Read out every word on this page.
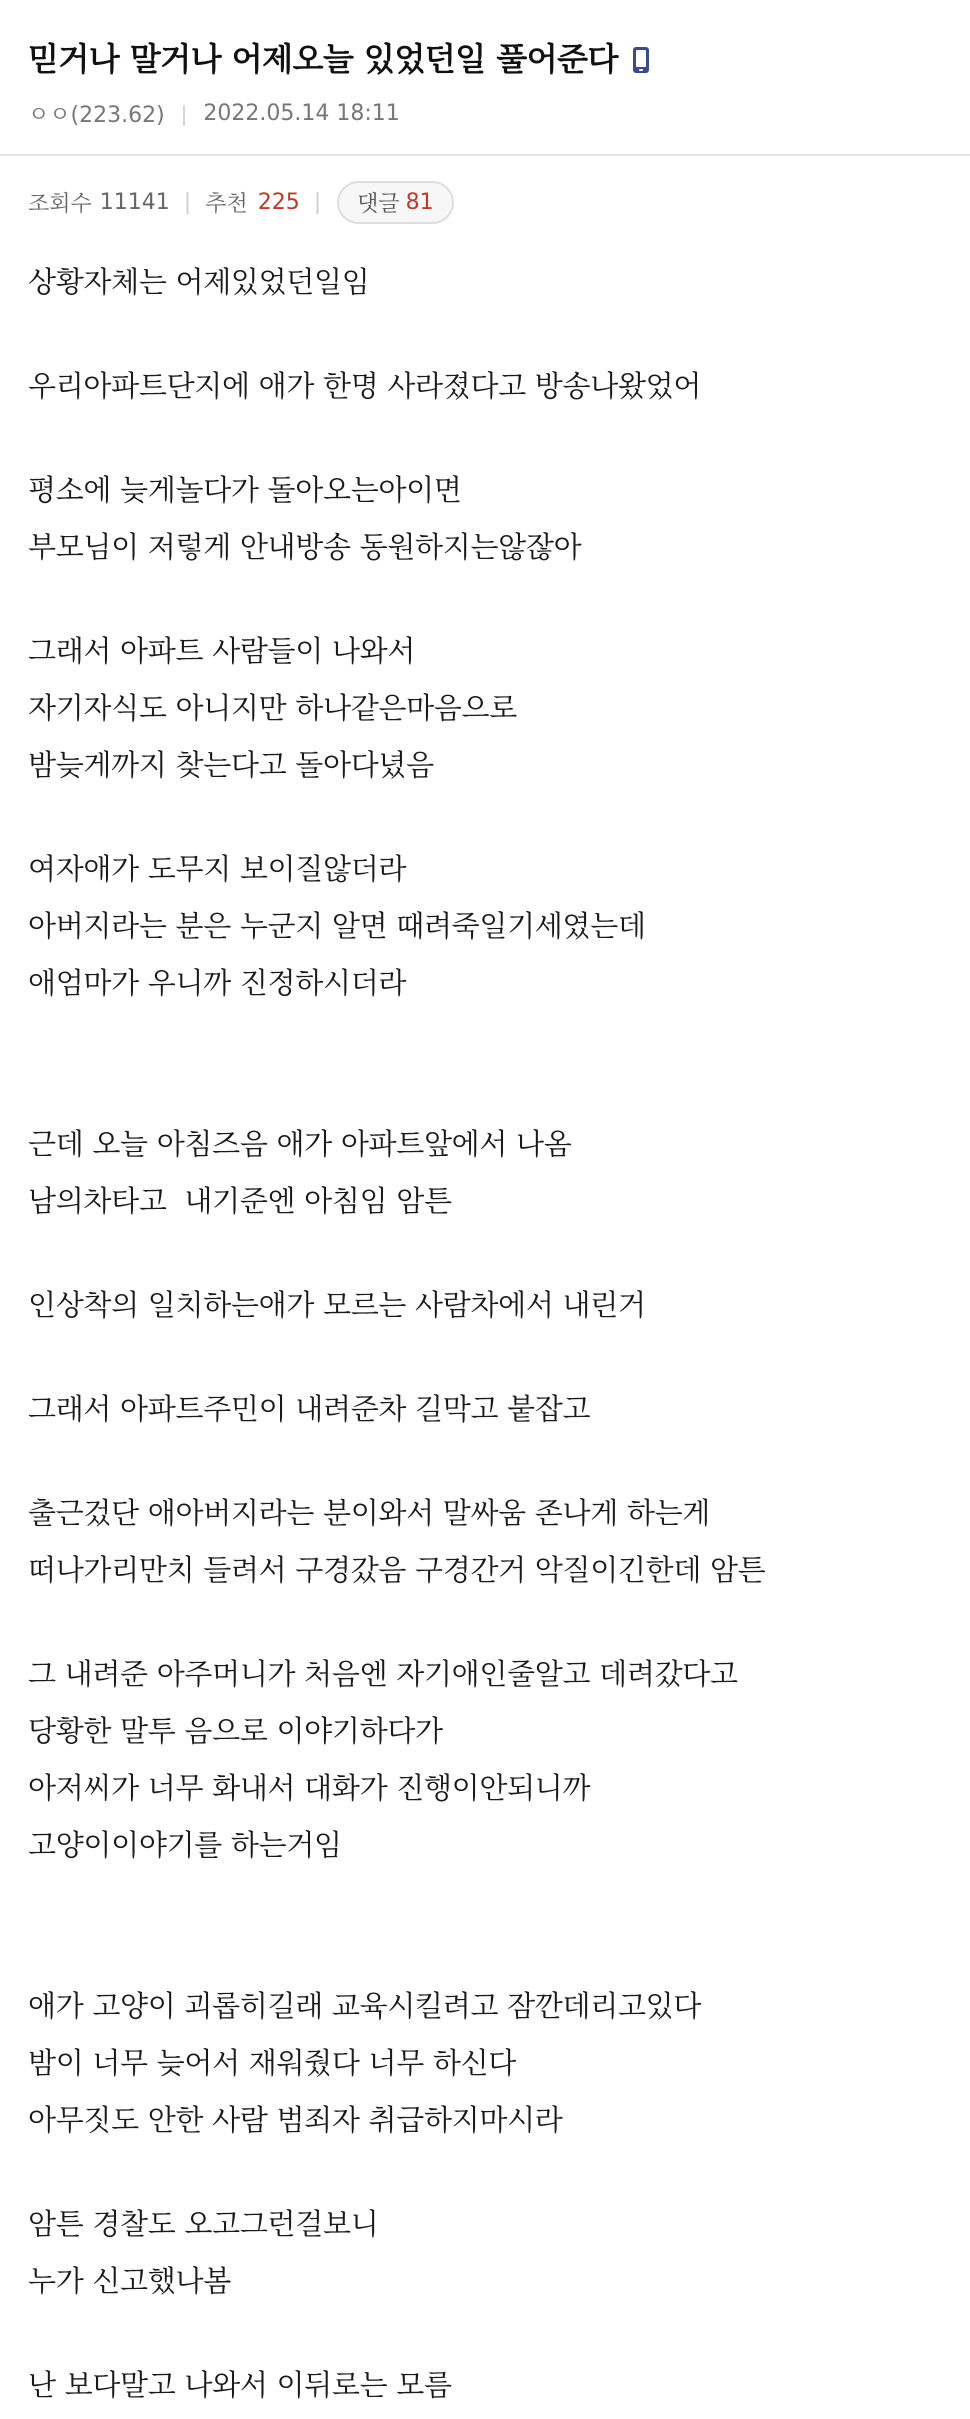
믿거나 말거나 어제오늘 있었던일 풀어준다
ㅇㅇ(223.62) | 2022.05.14 18:11
조회수 11141 | 추천 225 | 댓글 81

상황자체는 어제있었던일임

우리아파트단지에 애가 한명 사라졌다고 방송나왔었어

평소에 늦게놀다가 돌아오는아이면

부모님이 저렇게 안내방송 동원하지는않잖아

그래서 아파트 사람들이 나와서

자기자식도 아니지만 하나같은마음으로

밤늦게까지 찾는다고 돌아다녔음

여자애가 도무지 보이질않더라

아버지라는 분은 누군지 알면 때려죽일기세였는데

애엄마가 우니까 진정하시더라

근데 오늘 아침즈음 애가 아파트앞에서 나옴

남의차타고  내기준엔 아침임 암튼

인상착의 일치하는애가 모르는 사람차에서 내린거

그래서 아파트주민이 내려준차 길막고 붙잡고

출근겄단 애아버지라는 분이와서 말싸움 존나게 하는게

떠나가리만치 들려서 구경갔음 구경간거 악질이긴한데 암튼

그 내려준 아주머니가 처음엔 자기애인줄알고 데려갔다고

당황한 말투 음으로 이야기하다가

아저씨가 너무 화내서 대화가 진행이안되니까

고양이이야기를 하는거임

애가 고양이 괴롭히길래 교육시킬려고 잠깐데리고있다

밤이 너무 늦어서 재워줬다 너무 하신다

아무짓도 안한 사람 범죄자 취급하지마시라

암튼 경찰도 오고그런걸보니

누가 신고했나봄

난 보다말고 나와서 이뒤로는 모름
